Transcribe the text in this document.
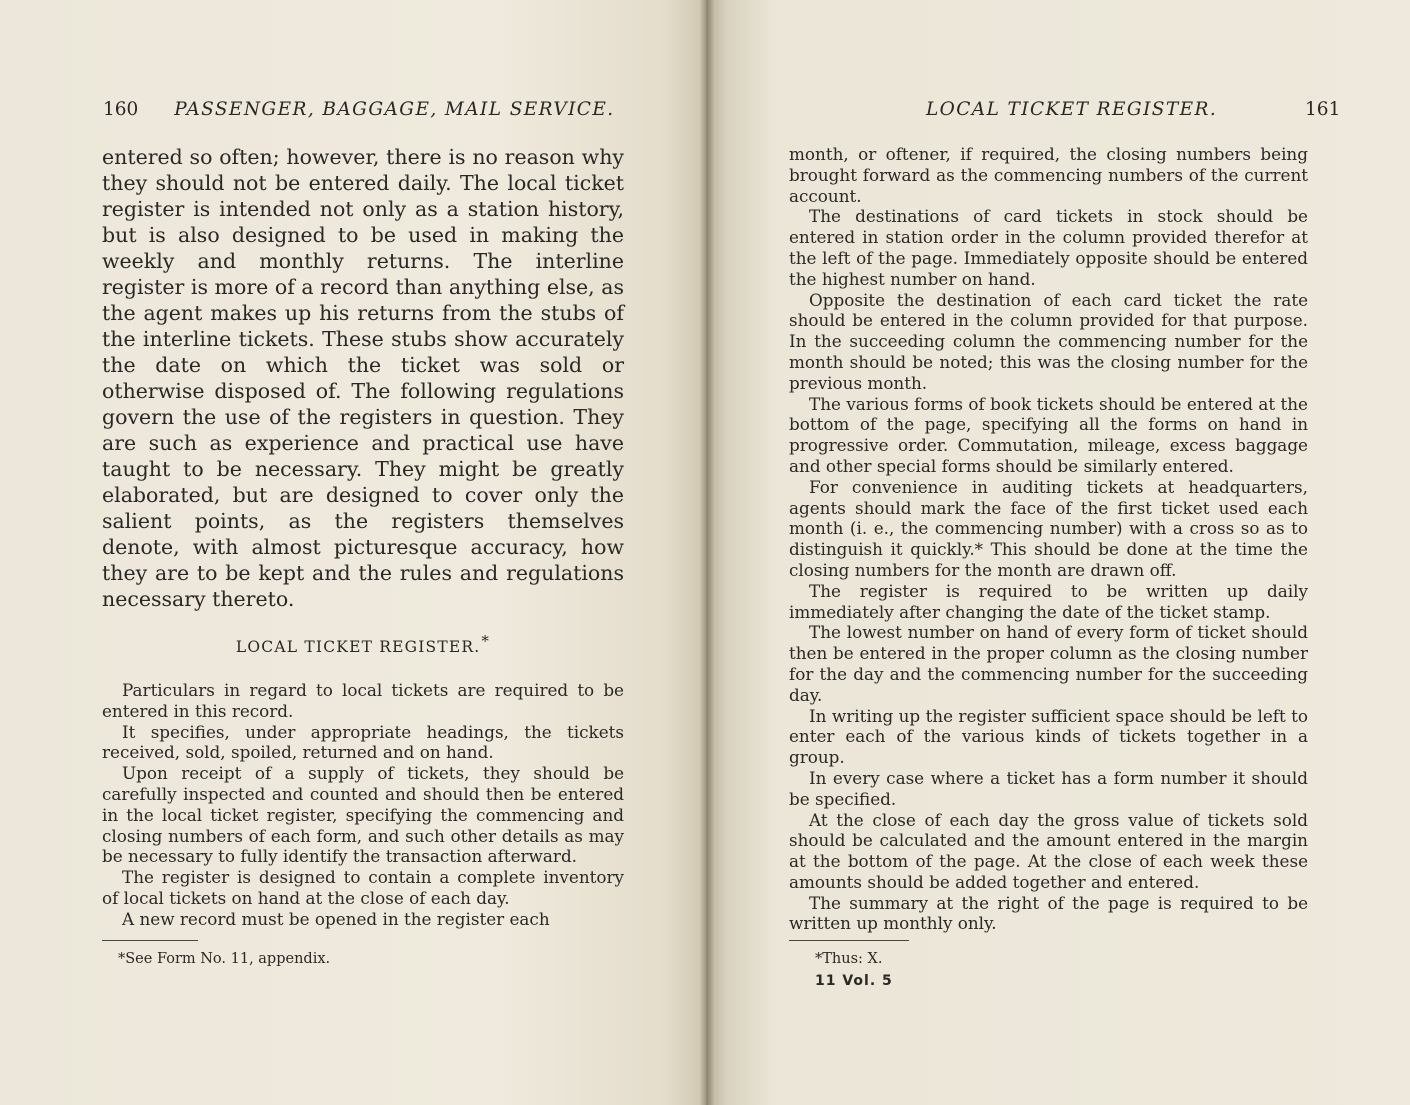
160 PASSENGER, BAGGAGE, MAIL SERVICE.

entered so often; however, there is no reason why they should not be entered daily. The local ticket register is intended not only as a station history, but is also designed to be used in making the weekly and monthly returns. The interline register is more of a record than anything else, as the agent makes up his returns from the stubs of the interline tickets. These stubs show accurately the date on which the ticket was sold or otherwise disposed of. The following regulations govern the use of the registers in question. They are such as experience and practical use have taught to be necessary. They might be greatly elaborated, but are designed to cover only the salient points, as the registers themselves denote, with almost picturesque accuracy, how they are to be kept and the rules and regulations necessary thereto.

LOCAL TICKET REGISTER.*

Particulars in regard to local tickets are required to be entered in this record.

It specifies, under appropriate headings, the tickets received, sold, spoiled, returned and on hand.

Upon receipt of a supply of tickets, they should be carefully inspected and counted and should then be entered in the local ticket register, specifying the commencing and closing numbers of each form, and such other details as may be necessary to fully identify the transaction afterward.

The register is designed to contain a complete inventory of local tickets on hand at the close of each day.

A new record must be opened in the register each

*See Form No. 11, appendix.
LOCAL TICKET REGISTER.	161

month, or oftener, if required, the closing numbers being brought forward as the commencing numbers of the current account.

The destinations of card tickets in stock should be entered in station order in the column provided therefor at the left of the page. Immediately opposite should be entered the highest number on hand.

Opposite the destination of each card ticket the rate should be entered in the column provided for that purpose. In the succeeding column the commencing number for the month should be noted; this was the closing number for the previous month.

The various forms of book tickets should be entered at the bottom of the page, specifying all the forms on hand in progressive order. Commutation, mileage, excess baggage and other special forms should be similarly entered.

For convenience in auditing tickets at headquarters, agents should mark the face of the first ticket used each month (i. e., the commencing number) with a cross so as to distinguish it quickly.* This should be done at the time the closing numbers for the month are drawn off.

The register is required to be written up daily immediately after changing the date of the ticket stamp.

The lowest number on hand of every form of ticket should then be entered in the proper column as the closing number for the day and the commencing number for the succeeding day.

In writing up the register sufficient space should be left to enter each of the various kinds of tickets together in a group.

In every case where a ticket has a form number it should be specified.

At the close of each day the gross value of tickets sold should be calculated and the amount entered in the margin at the bottom of the page. At the close of each week these amounts should be added together and entered.

The summary at the right of the page is required to be written up monthly only.

*Thus: X.
11 Vol. 5
